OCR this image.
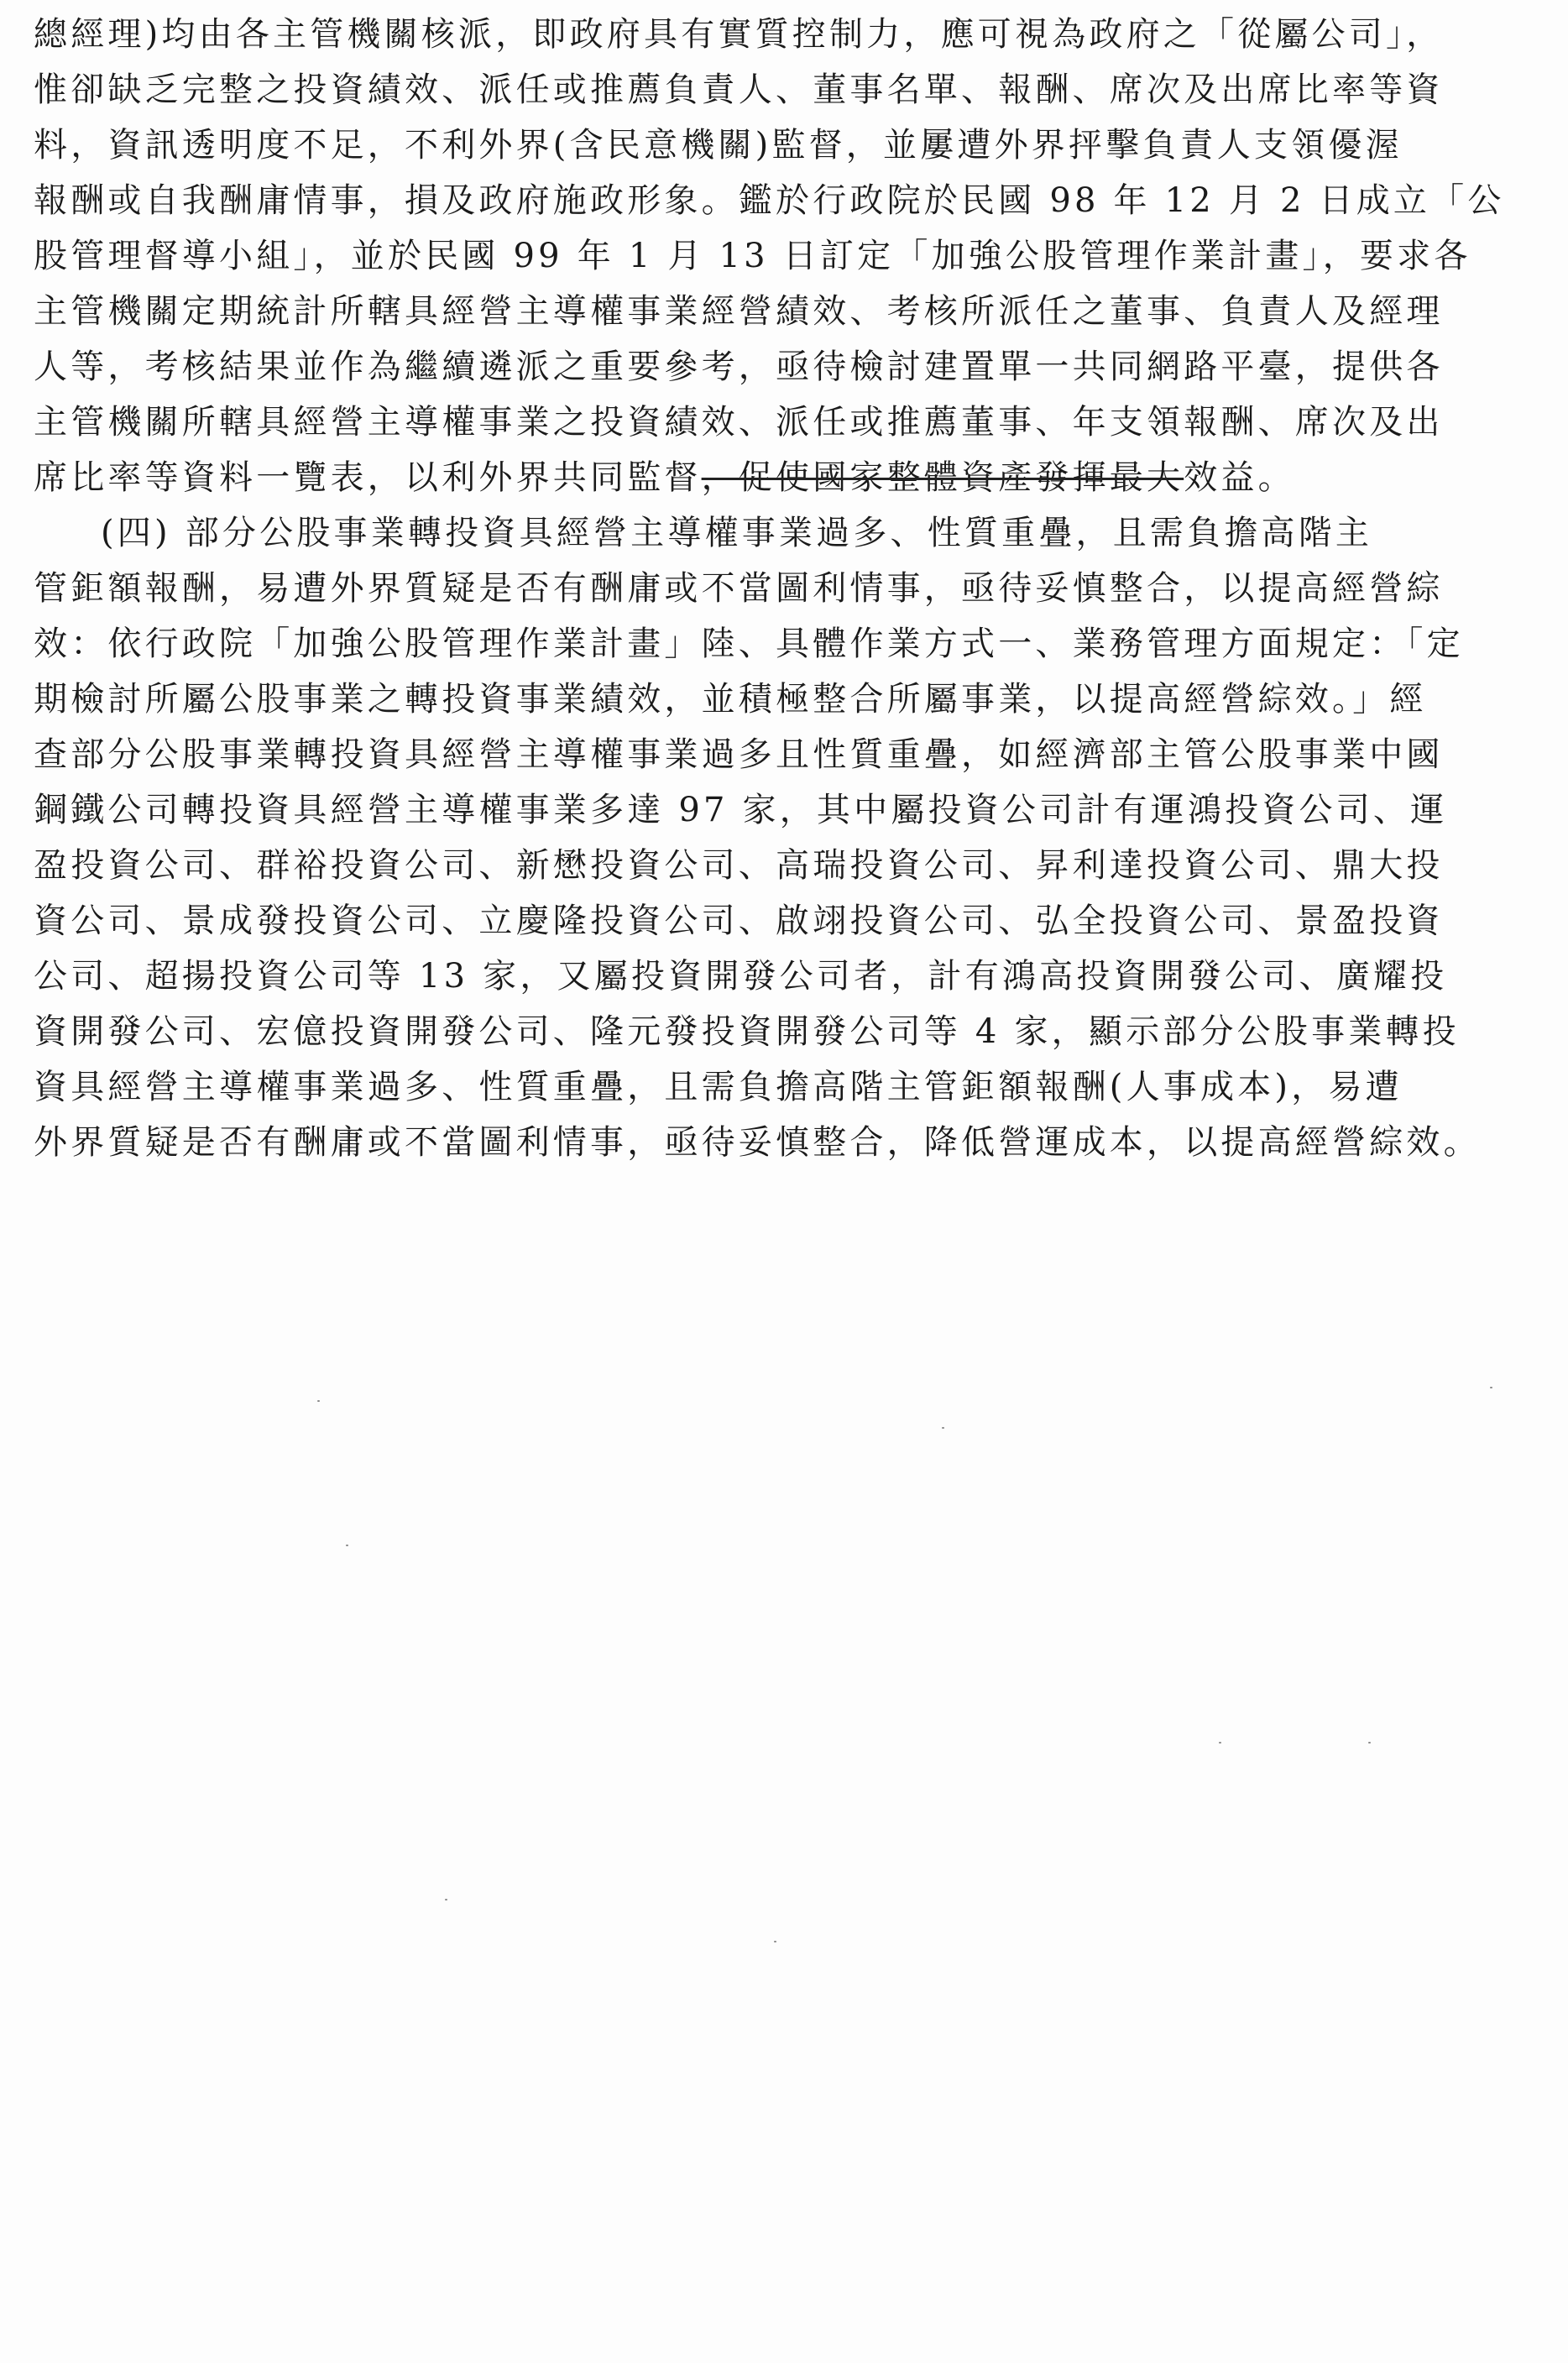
總經理)均由各主管機關核派，即政府具有實質控制力，應可視為政府之「從屬公司」，
惟卻缺乏完整之投資績效、派任或推薦負責人、董事名單、報酬、席次及出席比率等資
料，資訊透明度不足，不利外界(含民意機關)監督，並屢遭外界抨擊負責人支領優渥
報酬或自我酬庸情事，損及政府施政形象。鑑於行政院於民國 98 年 12 月 2 日成立「公
股管理督導小組」，並於民國 99 年 1 月 13 日訂定「加強公股管理作業計畫」，要求各
主管機關定期統計所轄具經營主導權事業經營績效、考核所派任之董事、負責人及經理
人等，考核結果並作為繼續遴派之重要參考，亟待檢討建置單一共同網路平臺，提供各
主管機關所轄具經營主導權事業之投資績效、派任或推薦董事、年支領報酬、席次及出
席比率等資料一覽表，以利外界共同監督，促使國家整體資產發揮最大效益。
(四) 部分公股事業轉投資具經營主導權事業過多、性質重疊，且需負擔高階主
管鉅額報酬，易遭外界質疑是否有酬庸或不當圖利情事，亟待妥慎整合，以提高經營綜
效：依行政院「加強公股管理作業計畫」陸、具體作業方式一、業務管理方面規定：「定
期檢討所屬公股事業之轉投資事業績效，並積極整合所屬事業，以提高經營綜效。」經
查部分公股事業轉投資具經營主導權事業過多且性質重疊，如經濟部主管公股事業中國
鋼鐵公司轉投資具經營主導權事業多達 97 家，其中屬投資公司計有運鴻投資公司、運
盈投資公司、群裕投資公司、新懋投資公司、高瑞投資公司、昇利達投資公司、鼎大投
資公司、景成發投資公司、立慶隆投資公司、啟翊投資公司、弘全投資公司、景盈投資
公司、超揚投資公司等 13 家，又屬投資開發公司者，計有鴻高投資開發公司、廣耀投
資開發公司、宏億投資開發公司、隆元發投資開發公司等 4 家，顯示部分公股事業轉投
資具經營主導權事業過多、性質重疊，且需負擔高階主管鉅額報酬(人事成本)，易遭
外界質疑是否有酬庸或不當圖利情事，亟待妥慎整合，降低營運成本，以提高經營綜效。
